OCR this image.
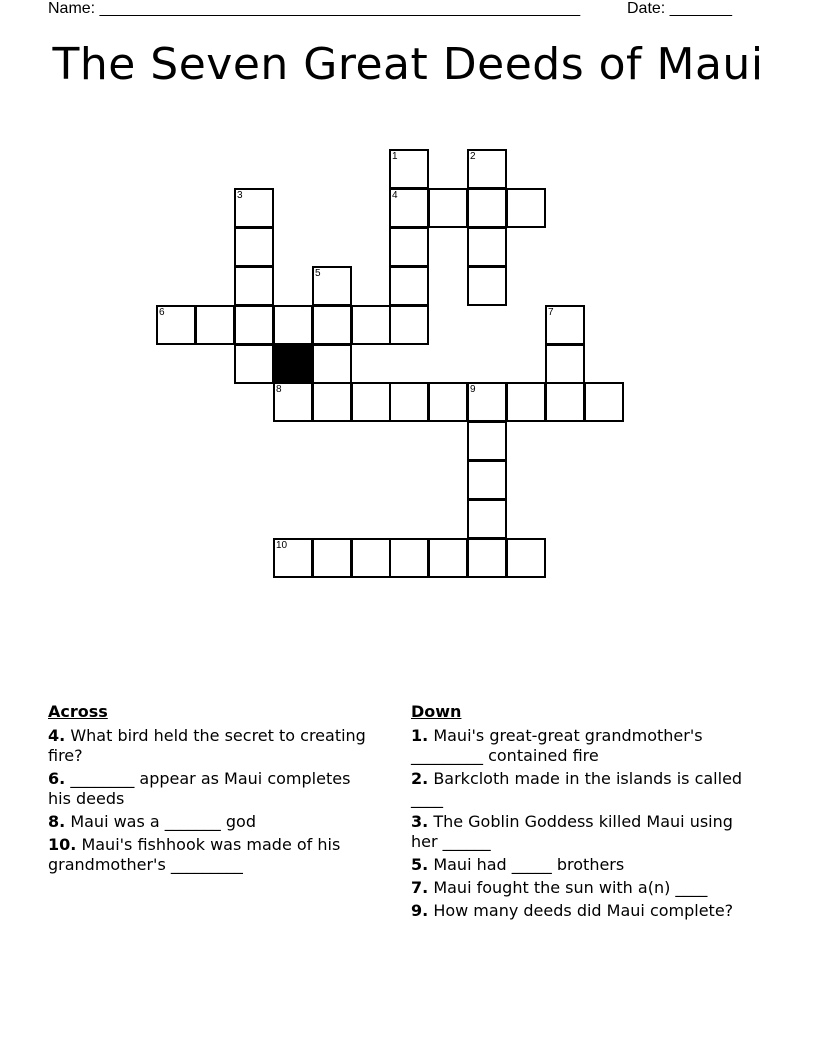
Name: ______________________________________________________	Date: _______
The Seven Great Deeds of Maui
1	2
3	4
5
6	7
8	9
10
Across
4. What bird held the secret to creating fire?
6. ________ appear as Maui completes his deeds
8. Maui was a _______ god
10. Maui's fishhook was made of his grandmother's _________
Down
1. Maui's great-great grandmother's _________ contained fire
2. Barkcloth made in the islands is called ____
3. The Goblin Goddess killed Maui using her ______
5. Maui had _____ brothers
7. Maui fought the sun with a(n) ____
9. How many deeds did Maui complete?
